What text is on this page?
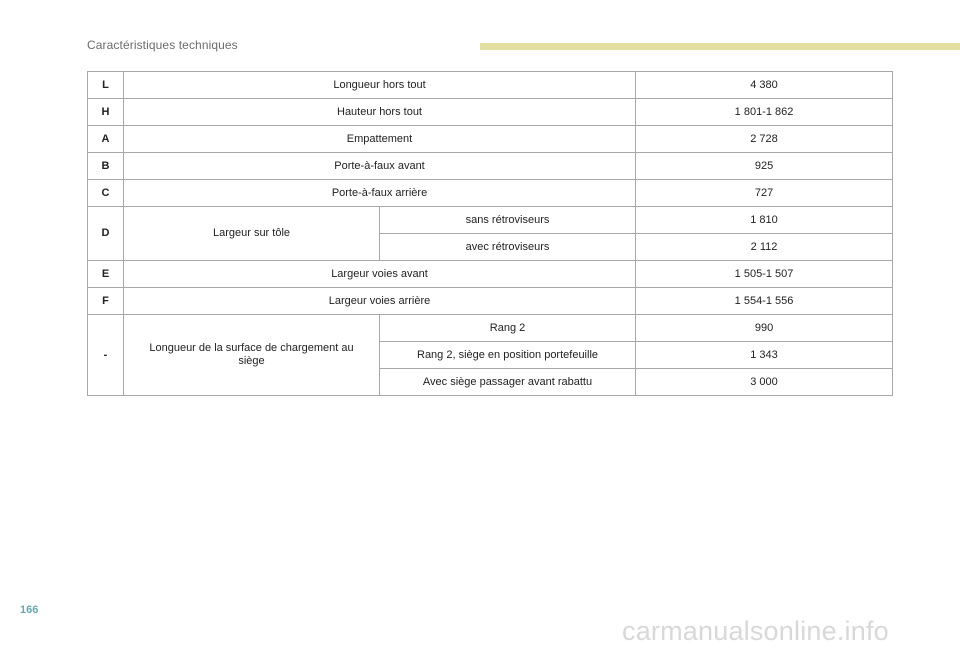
Caractéristiques techniques
L	Longueur hors tout		4 380
H	Hauteur hors tout		1 801-1 862
A	Empattement		2 728
B	Porte-à-faux avant		925
C	Porte-à-faux arrière		727
D	Largeur sur tôle	sans rétroviseurs	1 810
		avec rétroviseurs	2 112
E	Largeur voies avant		1 505-1 507
F	Largeur voies arrière		1 554-1 556
-	Longueur de la surface de chargement au siège	Rang 2	990
		Rang 2, siège en position portefeuille	1 343
		Avec siège passager avant rabattu	3 000
166
carmanualsonline.info
